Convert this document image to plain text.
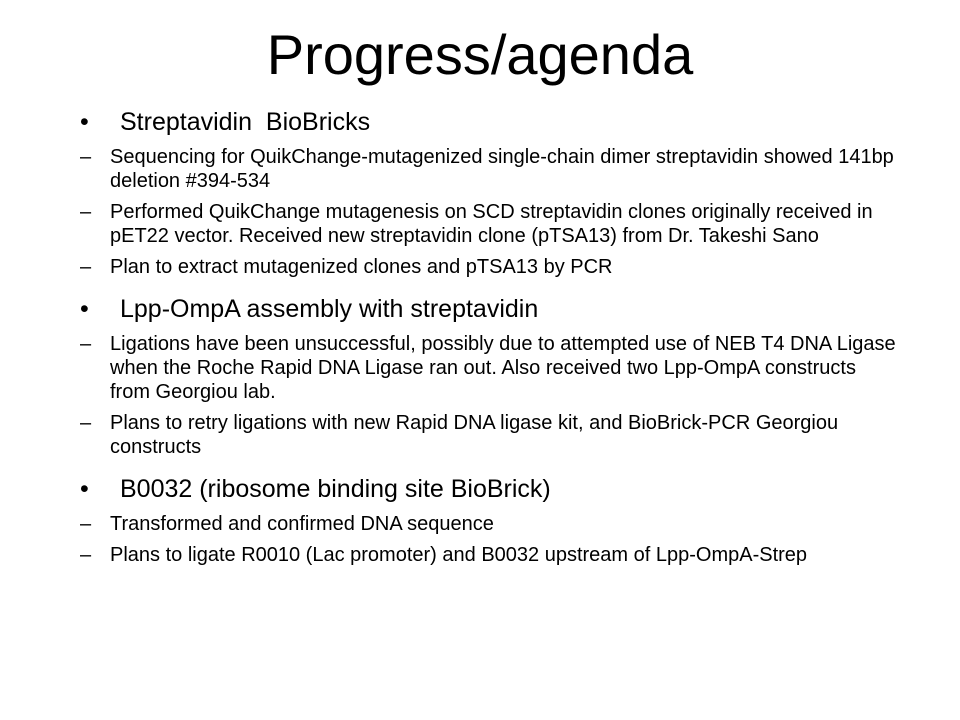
Progress/agenda
• Streptavidin  BioBricks
– Sequencing for QuikChange-mutagenized single-chain dimer streptavidin showed 141bp deletion #394-534
– Performed QuikChange mutagenesis on SCD streptavidin clones originally received in pET22 vector. Received new streptavidin clone (pTSA13) from Dr. Takeshi Sano
– Plan to extract mutagenized clones and pTSA13 by PCR
• Lpp-OmpA assembly with streptavidin
– Ligations have been unsuccessful, possibly due to attempted use of NEB T4 DNA Ligase when the Roche Rapid DNA Ligase ran out. Also received two Lpp-OmpA constructs from Georgiou lab.
– Plans to retry ligations with new Rapid DNA ligase kit, and BioBrick-PCR Georgiou constructs
• B0032 (ribosome binding site BioBrick)
– Transformed and confirmed DNA sequence
– Plans to ligate R0010 (Lac promoter) and B0032 upstream of Lpp-OmpA-Strep
